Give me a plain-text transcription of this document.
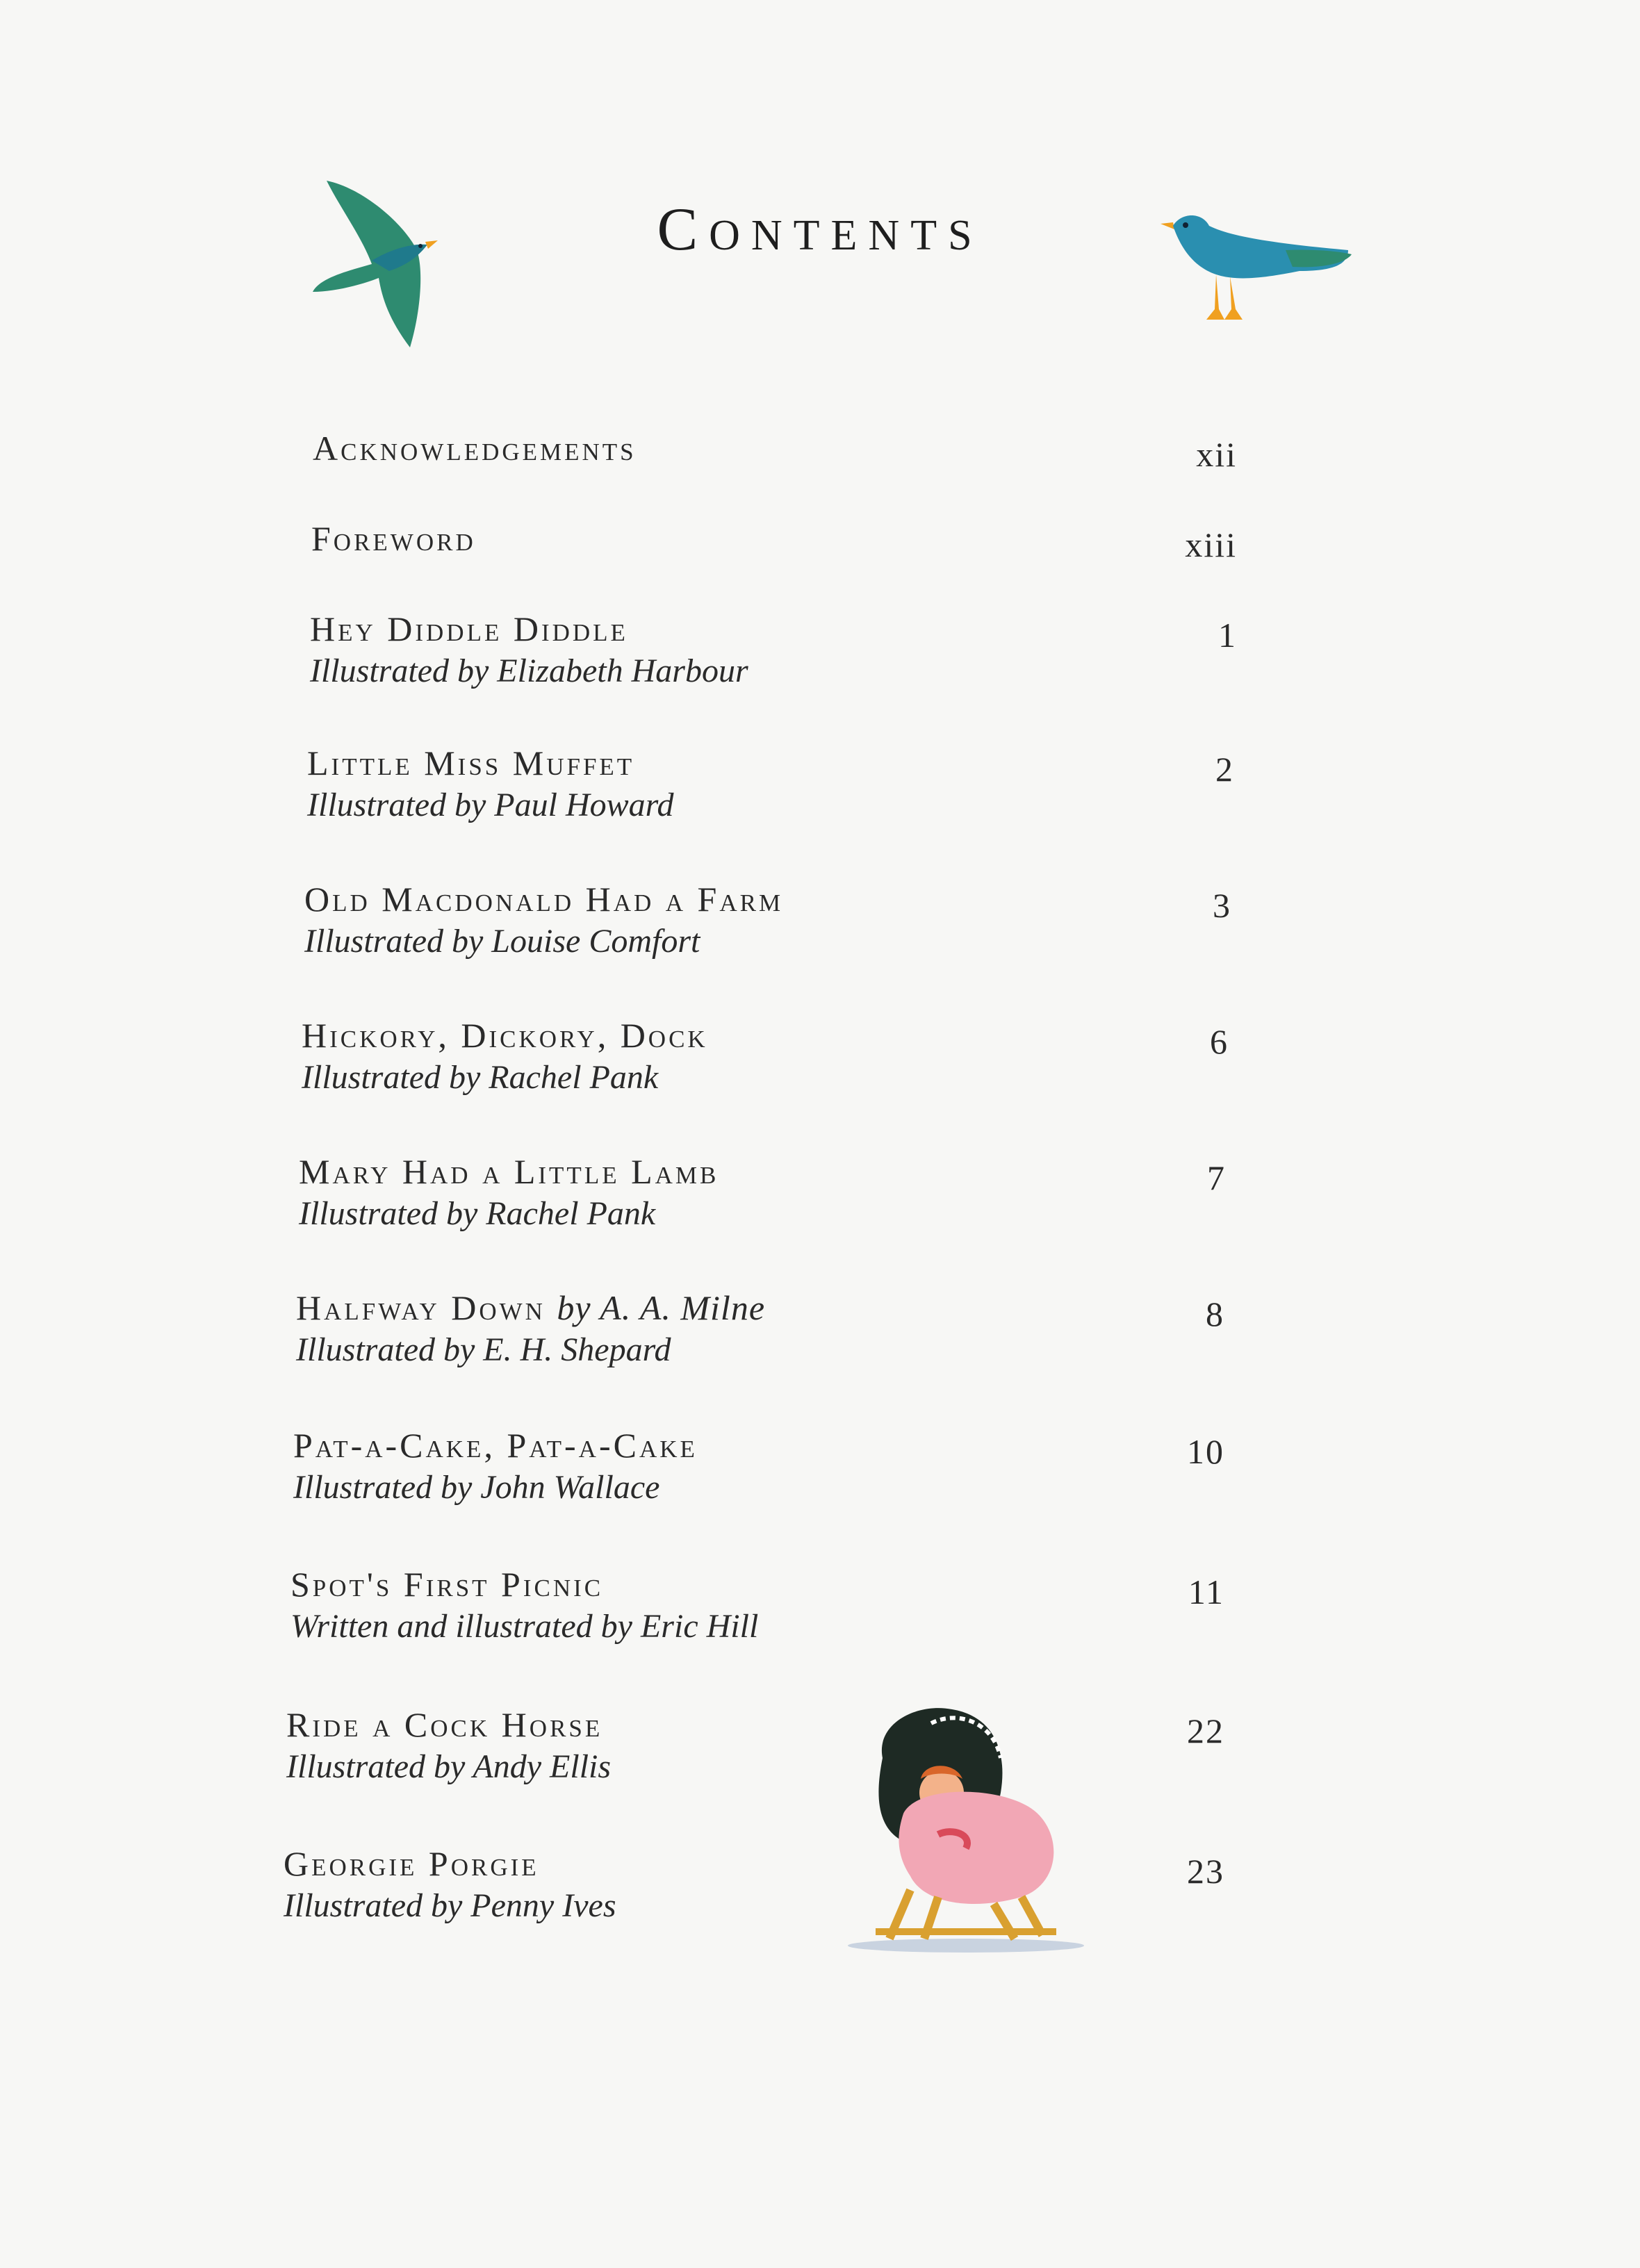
Contents
Acknowledgements	xii
Foreword	xiii
Hey Diddle Diddle
Illustrated by Elizabeth Harbour
1
Little Miss Muffet
Illustrated by Paul Howard
2
Old Macdonald Had a Farm
Illustrated by Louise Comfort
3
Hickory, Dickory, Dock
Illustrated by Rachel Pank
6
Mary Had a Little Lamb
Illustrated by Rachel Pank
7
Halfway Down by A. A. Milne
Illustrated by E. H. Shepard
8
Pat-a-Cake, Pat-a-Cake
Illustrated by John Wallace
10
Spot's First Picnic
Written and illustrated by Eric Hill
11
Ride a Cock Horse
Illustrated by Andy Ellis
22
Georgie Porgie
Illustrated by Penny Ives
23
